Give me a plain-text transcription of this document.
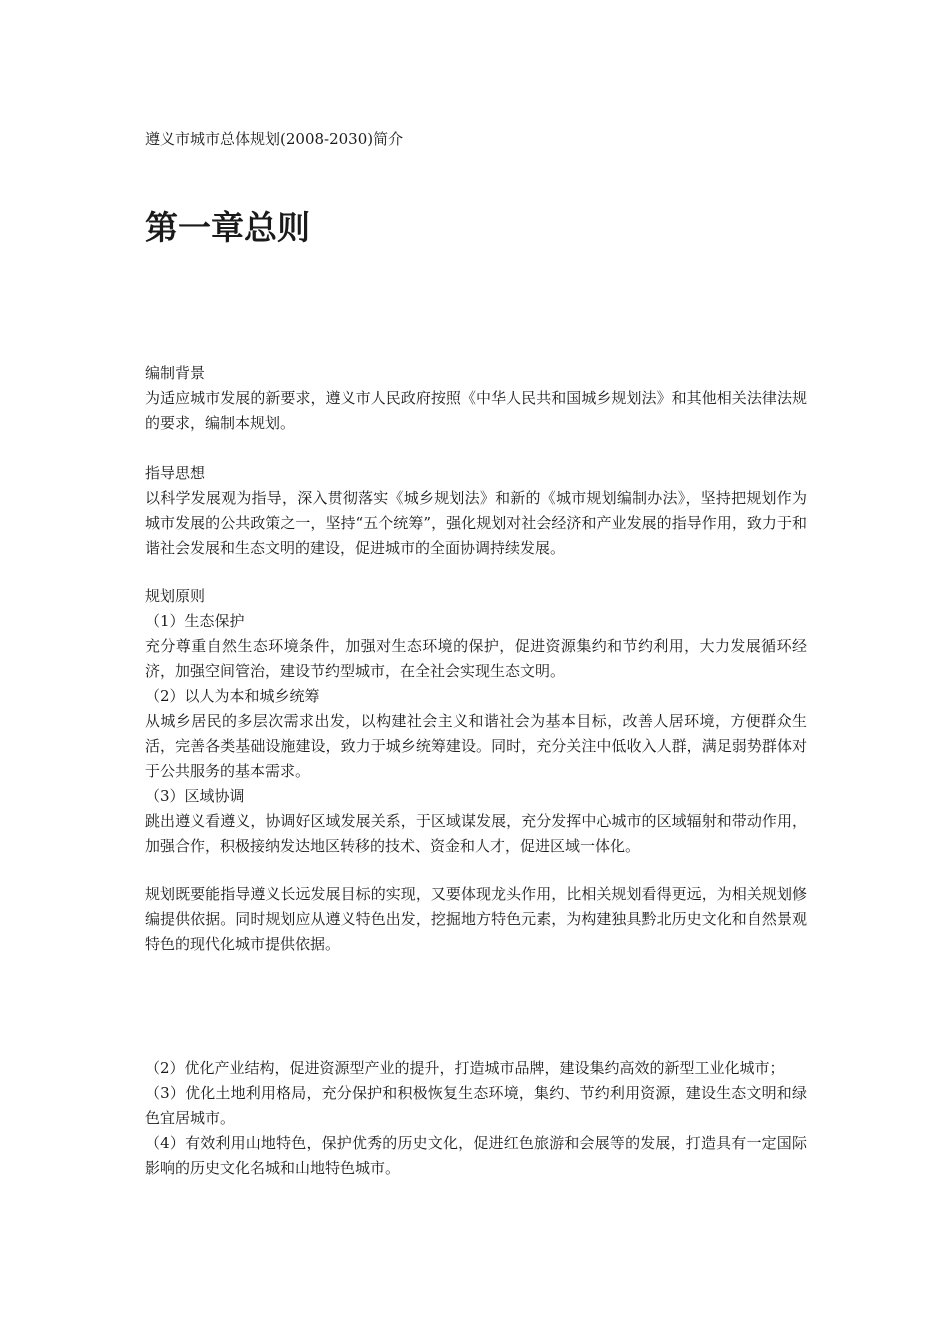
遵义市城市总体规划(2008-2030)简介
第一章总则

编制背景

为适应城市发展的新要求，遵义市人民政府按照《中华人民共和国城乡规划法》和其他相关法律法规的要求，编制本规划。

指导思想

以科学发展观为指导，深入贯彻落实《城乡规划法》和新的《城市规划编制办法》，坚持把规划作为城市发展的公共政策之一，坚持“五个统筹”，强化规划对社会经济和产业发展的指导作用，致力于和谐社会发展和生态文明的建设，促进城市的全面协调持续发展。

规划原则

（1）生态保护

充分尊重自然生态环境条件，加强对生态环境的保护，促进资源集约和节约利用，大力发展循环经济，加强空间管治，建设节约型城市，在全社会实现生态文明。

（2）以人为本和城乡统筹

从城乡居民的多层次需求出发，以构建社会主义和谐社会为基本目标，改善人居环境，方便群众生活，完善各类基础设施建设，致力于城乡统筹建设。同时，充分关注中低收入人群，满足弱势群体对于公共服务的基本需求。

（3）区域协调

跳出遵义看遵义，协调好区域发展关系，于区域谋发展，充分发挥中心城市的区域辐射和带动作用，加强合作，积极接纳发达地区转移的技术、资金和人才，促进区域一体化。

规划既要能指导遵义长远发展目标的实现，又要体现龙头作用，比相关规划看得更远，为相关规划修编提供依据。同时规划应从遵义特色出发，挖掘地方特色元素，为构建独具黔北历史文化和自然景观特色的现代化城市提供依据。

（2）优化产业结构，促进资源型产业的提升，打造城市品牌，建设集约高效的新型工业化城市；

（3）优化土地利用格局，充分保护和积极恢复生态环境，集约、节约利用资源，建设生态文明和绿色宜居城市。

（4）有效利用山地特色，保护优秀的历史文化，促进红色旅游和会展等的发展，打造具有一定国际影响的历史文化名城和山地特色城市。
